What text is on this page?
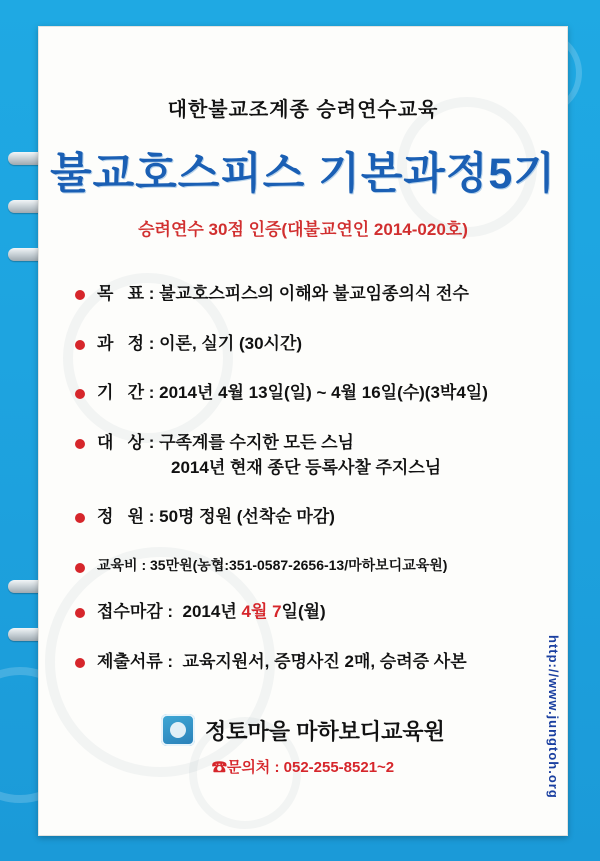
대한불교조계종 승려연수교육
불교호스피스 기본과정5기
승려연수 30점 인증(대불교연인 2014-020호)
목   표 : 불교호스피스의 이해와 불교임종의식 전수
과   정 : 이론, 실기 (30시간)
기   간 : 2014년 4월 13일(일) ~ 4월 16일(수)(3박4일)
대   상 : 구족계를 수지한 모든 스님
2014년 현재 종단 등록사찰 주지스님
정   원 : 50명 정원 (선착순 마감)
교육비 : 35만원(농협:351-0587-2656-13/마하보디교육원)
접수마감 :  2014년 4월 7일(월)
제출서류 :  교육지원서, 증명사진 2매, 승려증 사본
정토마을 마하보디교육원
☎문의처 : 052-255-8521~2	http://www.jungtoh.org
